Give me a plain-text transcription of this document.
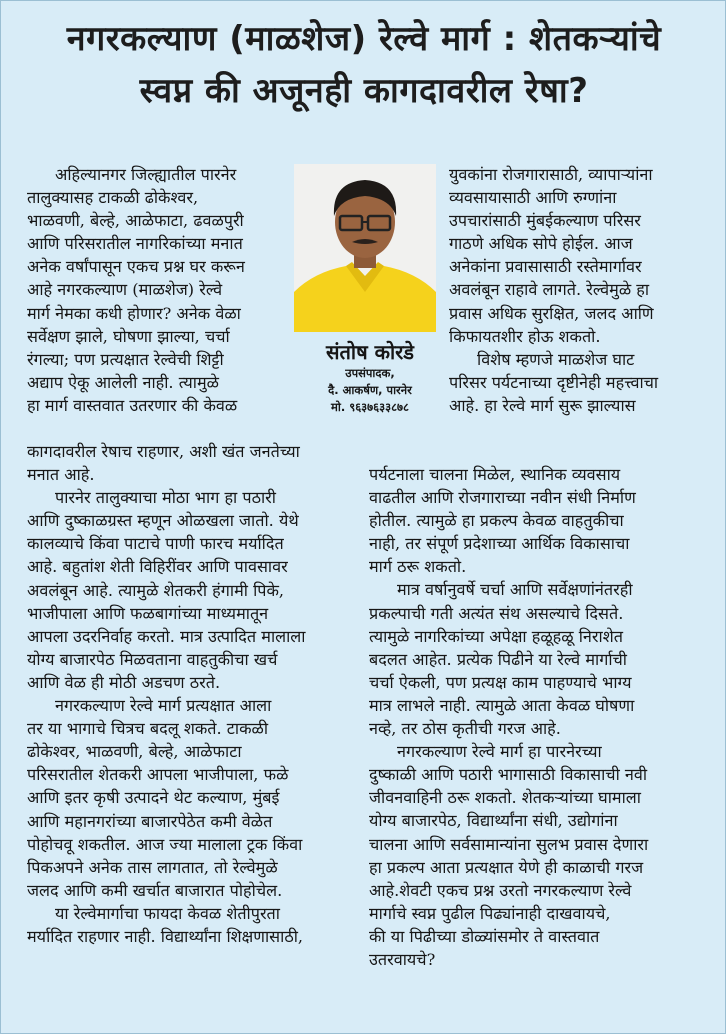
नगरकल्याण (माळशेज) रेल्वे मार्ग : शेतकऱ्यांचे
स्वप्न की अजूनही कागदावरील रेषा?

अहिल्यानगर जिल्ह्यातील पारनेर

तालुक्यासह टाकळी ढोकेश्वर,

भाळवणी, बेल्हे, आळेफाटा, ढवळपुरी

आणि परिसरातील नागरिकांच्या मनात

अनेक वर्षांपासून एकच प्रश्न घर करून

आहे नगरकल्याण (माळशेज) रेल्वे

मार्ग नेमका कधी होणार? अनेक वेळा

सर्वेक्षण झाले, घोषणा झाल्या, चर्चा

रंगल्या; पण प्रत्यक्षात रेल्वेची शिट्टी

अद्याप ऐकू आलेली नाही. त्यामुळे

हा मार्ग वास्तवात उतरणार की केवळ

संतोष कोरडे
उपसंपादक,
दै. आकर्षण, पारनेर
मो. ९६३७६३३८७८

युवकांना रोजगारासाठी, व्यापाऱ्यांना

व्यवसायासाठी आणि रुग्णांना

उपचारांसाठी मुंबईकल्याण परिसर

गाठणे अधिक सोपे होईल. आज

अनेकांना प्रवासासाठी रस्तेमार्गावर

अवलंबून राहावे लागते. रेल्वेमुळे हा

प्रवास अधिक सुरक्षित, जलद आणि

किफायतशीर होऊ शकतो.

विशेष म्हणजे माळशेज घाट

परिसर पर्यटनाच्या दृष्टीनेही महत्त्वाचा

आहे. हा रेल्वे मार्ग सुरू झाल्यास

कागदावरील रेषाच राहणार, अशी खंत जनतेच्या

मनात आहे.

पारनेर तालुक्याचा मोठा भाग हा पठारी

आणि दुष्काळग्रस्त म्हणून ओळखला जातो. येथे

कालव्याचे किंवा पाटाचे पाणी फारच मर्यादित

आहे. बहुतांश शेती विहिरींवर आणि पावसावर

अवलंबून आहे. त्यामुळे शेतकरी हंगामी पिके,

भाजीपाला आणि फळबागांच्या माध्यमातून

आपला उदरनिर्वाह करतो. मात्र उत्पादित मालाला

योग्य बाजारपेठ मिळवताना वाहतुकीचा खर्च

आणि वेळ ही मोठी अडचण ठरते.

नगरकल्याण रेल्वे मार्ग प्रत्यक्षात आला

तर या भागाचे चित्रच बदलू शकते. टाकळी

ढोकेश्वर, भाळवणी, बेल्हे, आळेफाटा

परिसरातील शेतकरी आपला भाजीपाला, फळे

आणि इतर कृषी उत्पादने थेट कल्याण, मुंबई

आणि महानगरांच्या बाजारपेठेत कमी वेळेत

पोहोचवू शकतील. आज ज्या मालाला ट्रक किंवा

पिकअपने अनेक तास लागतात, तो रेल्वेमुळे

जलद आणि कमी खर्चात बाजारात पोहोचेल.

या रेल्वेमार्गाचा फायदा केवळ शेतीपुरता

मर्यादित राहणार नाही. विद्यार्थ्यांना शिक्षणासाठी,

पर्यटनाला चालना मिळेल, स्थानिक व्यवसाय

वाढतील आणि रोजगाराच्या नवीन संधी निर्माण

होतील. त्यामुळे हा प्रकल्प केवळ वाहतुकीचा

नाही, तर संपूर्ण प्रदेशाच्या आर्थिक विकासाचा

मार्ग ठरू शकतो.

मात्र वर्षानुवर्षे चर्चा आणि सर्वेक्षणांनंतरही

प्रकल्पाची गती अत्यंत संथ असल्याचे दिसते.

त्यामुळे नागरिकांच्या अपेक्षा हळूहळू निराशेत

बदलत आहेत. प्रत्येक पिढीने या रेल्वे मार्गाची

चर्चा ऐकली, पण प्रत्यक्ष काम पाहण्याचे भाग्य

मात्र लाभले नाही. त्यामुळे आता केवळ घोषणा

नव्हे, तर ठोस कृतीची गरज आहे.

नगरकल्याण रेल्वे मार्ग हा पारनेरच्या

दुष्काळी आणि पठारी भागासाठी विकासाची नवी

जीवनवाहिनी ठरू शकतो. शेतकऱ्यांच्या घामाला

योग्य बाजारपेठ, विद्यार्थ्यांना संधी, उद्योगांना

चालना आणि सर्वसामान्यांना सुलभ प्रवास देणारा

हा प्रकल्प आता प्रत्यक्षात येणे ही काळाची गरज

आहे.शेवटी एकच प्रश्न उरतो नगरकल्याण रेल्वे

मार्गाचे स्वप्न पुढील पिढ्यांनाही दाखवायचे,

की या पिढीच्या डोळ्यांसमोर ते वास्तवात

उतरवायचे?
